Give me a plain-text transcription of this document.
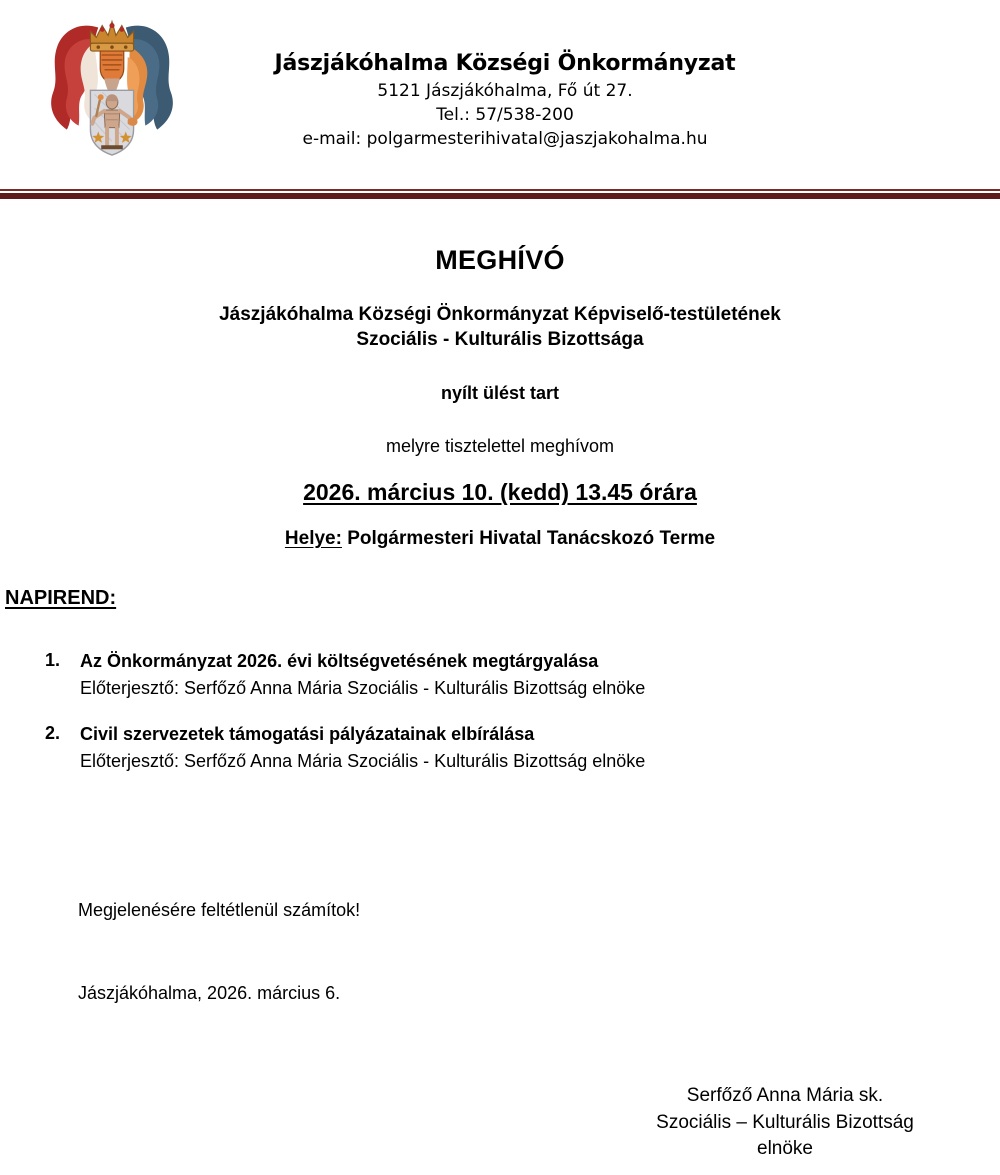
Jászjákóhalma Községi Önkormányzat
5121 Jászjákóhalma, Fő út 27.
Tel.: 57/538-200
e-mail: polgarmesterihivatal@jaszjakohalma.hu
MEGHÍVÓ
Jászjákóhalma Községi Önkormányzat Képviselő-testületének
Szociális - Kulturális Bizottsága
nyílt ülést tart
melyre tisztelettel meghívom
2026. március 10. (kedd) 13.45 órára
Helye: Polgármesteri Hivatal Tanácskozó Terme
NAPIREND:
1.	Az Önkormányzat 2026. évi költségvetésének megtárgyalása
Előterjesztő: Serfőző Anna Mária Szociális - Kulturális Bizottság elnöke
2.	Civil szervezetek támogatási pályázatainak elbírálása
Előterjesztő: Serfőző Anna Mária Szociális - Kulturális Bizottság elnöke
Megjelenésére feltétlenül számítok!
Jászjákóhalma, 2026. március 6.
Serfőző Anna Mária sk.
Szociális – Kulturális Bizottság
elnöke
